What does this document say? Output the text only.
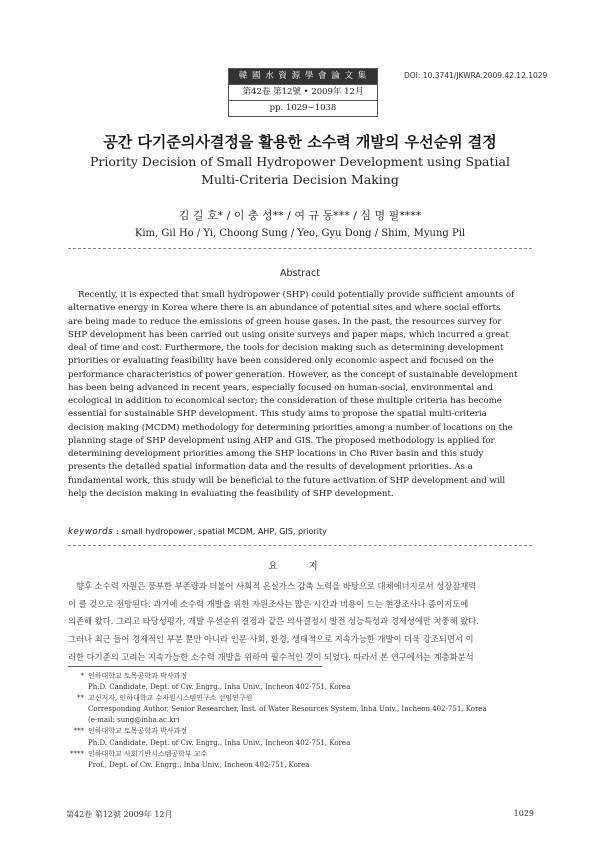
韓 國 水 資 源 學 會 論 文 集
第42卷 第12號 • 2009年 12月
pp. 1029∼1038
DOI: 10.3741/JKWRA.2009.42.12.1029
공간 다기준의사결정을 활용한 소수력 개발의 우선순위 결정
Priority Decision of Small Hydropower Development using Spatial
Multi-Criteria Decision Making
김 길 호* / 이 충 성** / 여 규 동*** / 심 명 필****
Kim, Gil Ho / Yi, Choong Sung / Yeo, Gyu Dong / Shim, Myung Pil
Abstract
Recently, it is expected that small hydropower (SHP) could potentially provide sufficient amounts of
alternative energy in Korea where there is an abundance of potential sites and where social efforts
are being made to reduce the emissions of green house gases. In the past, the resources survey for
SHP development has been carried out using onsite surveys and paper maps, which incurred a great
deal of time and cost. Furthermore, the tools for decision making such as determining development
priorities or evaluating feasibility have been considered only economic aspect and focused on the
performance characteristics of power generation. However, as the concept of sustainable development
has been being advanced in recent years, especially focused on human-social, environmental and
ecological in addition to economical sector; the consideration of these multiple criteria has become
essential for sustainable SHP development. This study aims to propose the spatial multi-criteria
decision making (MCDM) methodology for determining priorities among a number of locations on the
planning stage of SHP development using AHP and GIS. The proposed methodology is applied for
determining development priorities among the SHP locations in Cho River basin and this study
presents the detailed spatial information data and the results of development priorities. As a
fundamental work, this study will be beneficial to the future activation of SHP development and will
help the decision making in evaluating the feasibility of SHP development.
keywords : small hydropower, spatial MCDM, AHP, GIS, priority
요 지
향후 소수력 자원은 풍부한 부존량과 더불어 사회적 온실가스 감축 노력을 바탕으로 대체에너지로서 성장잠재력
이 클 것으로 전망된다. 과거에 소수력 개발을 위한 자원조사는 많은 시간과 비용이 드는 현장조사나 종이지도에
의존해 왔다. 그리고 타당성평가, 개발 우선순위 결정과 같은 의사결정시 발전 성능특성과 경제성에만 치중해 왔다.
그러나 최근 들어 경제적인 부분 뿐만 아니라 인문·사회, 환경, 생태적으로 지속가능한 개발이 더욱 강조되면서 이
러한 다기준의 고려는 지속가능한 소수력 개발을 위하여 필수적인 것이 되었다. 따라서 본 연구에서는 계층화분석
* 인하대학교 토목공학과 박사과정
Ph.D. Candidate, Dept. of Civ. Engrg., Inha Univ., Incheon 402-751, Korea
** 교신저자, 인하대학교 수자원시스템연구소 선임연구원
Corresponding Author, Senior Researcher, Inst. of Water Resources System, Inha Univ., Incheon 402-751, Korea
(e-mail: sung@inha.ac.kr)
*** 인하대학교 토목공학과 박사과정
Ph.D. Candidate, Dept. of Civ. Engrg., Inha Univ., Incheon 402-751, Korea
**** 인하대학교 사회기반시스템공학부 교수
Prof., Dept. of Civ. Engrg., Inha Univ., Incheon 402-751, Korea
第42卷 第12號 2009年 12月	1029
